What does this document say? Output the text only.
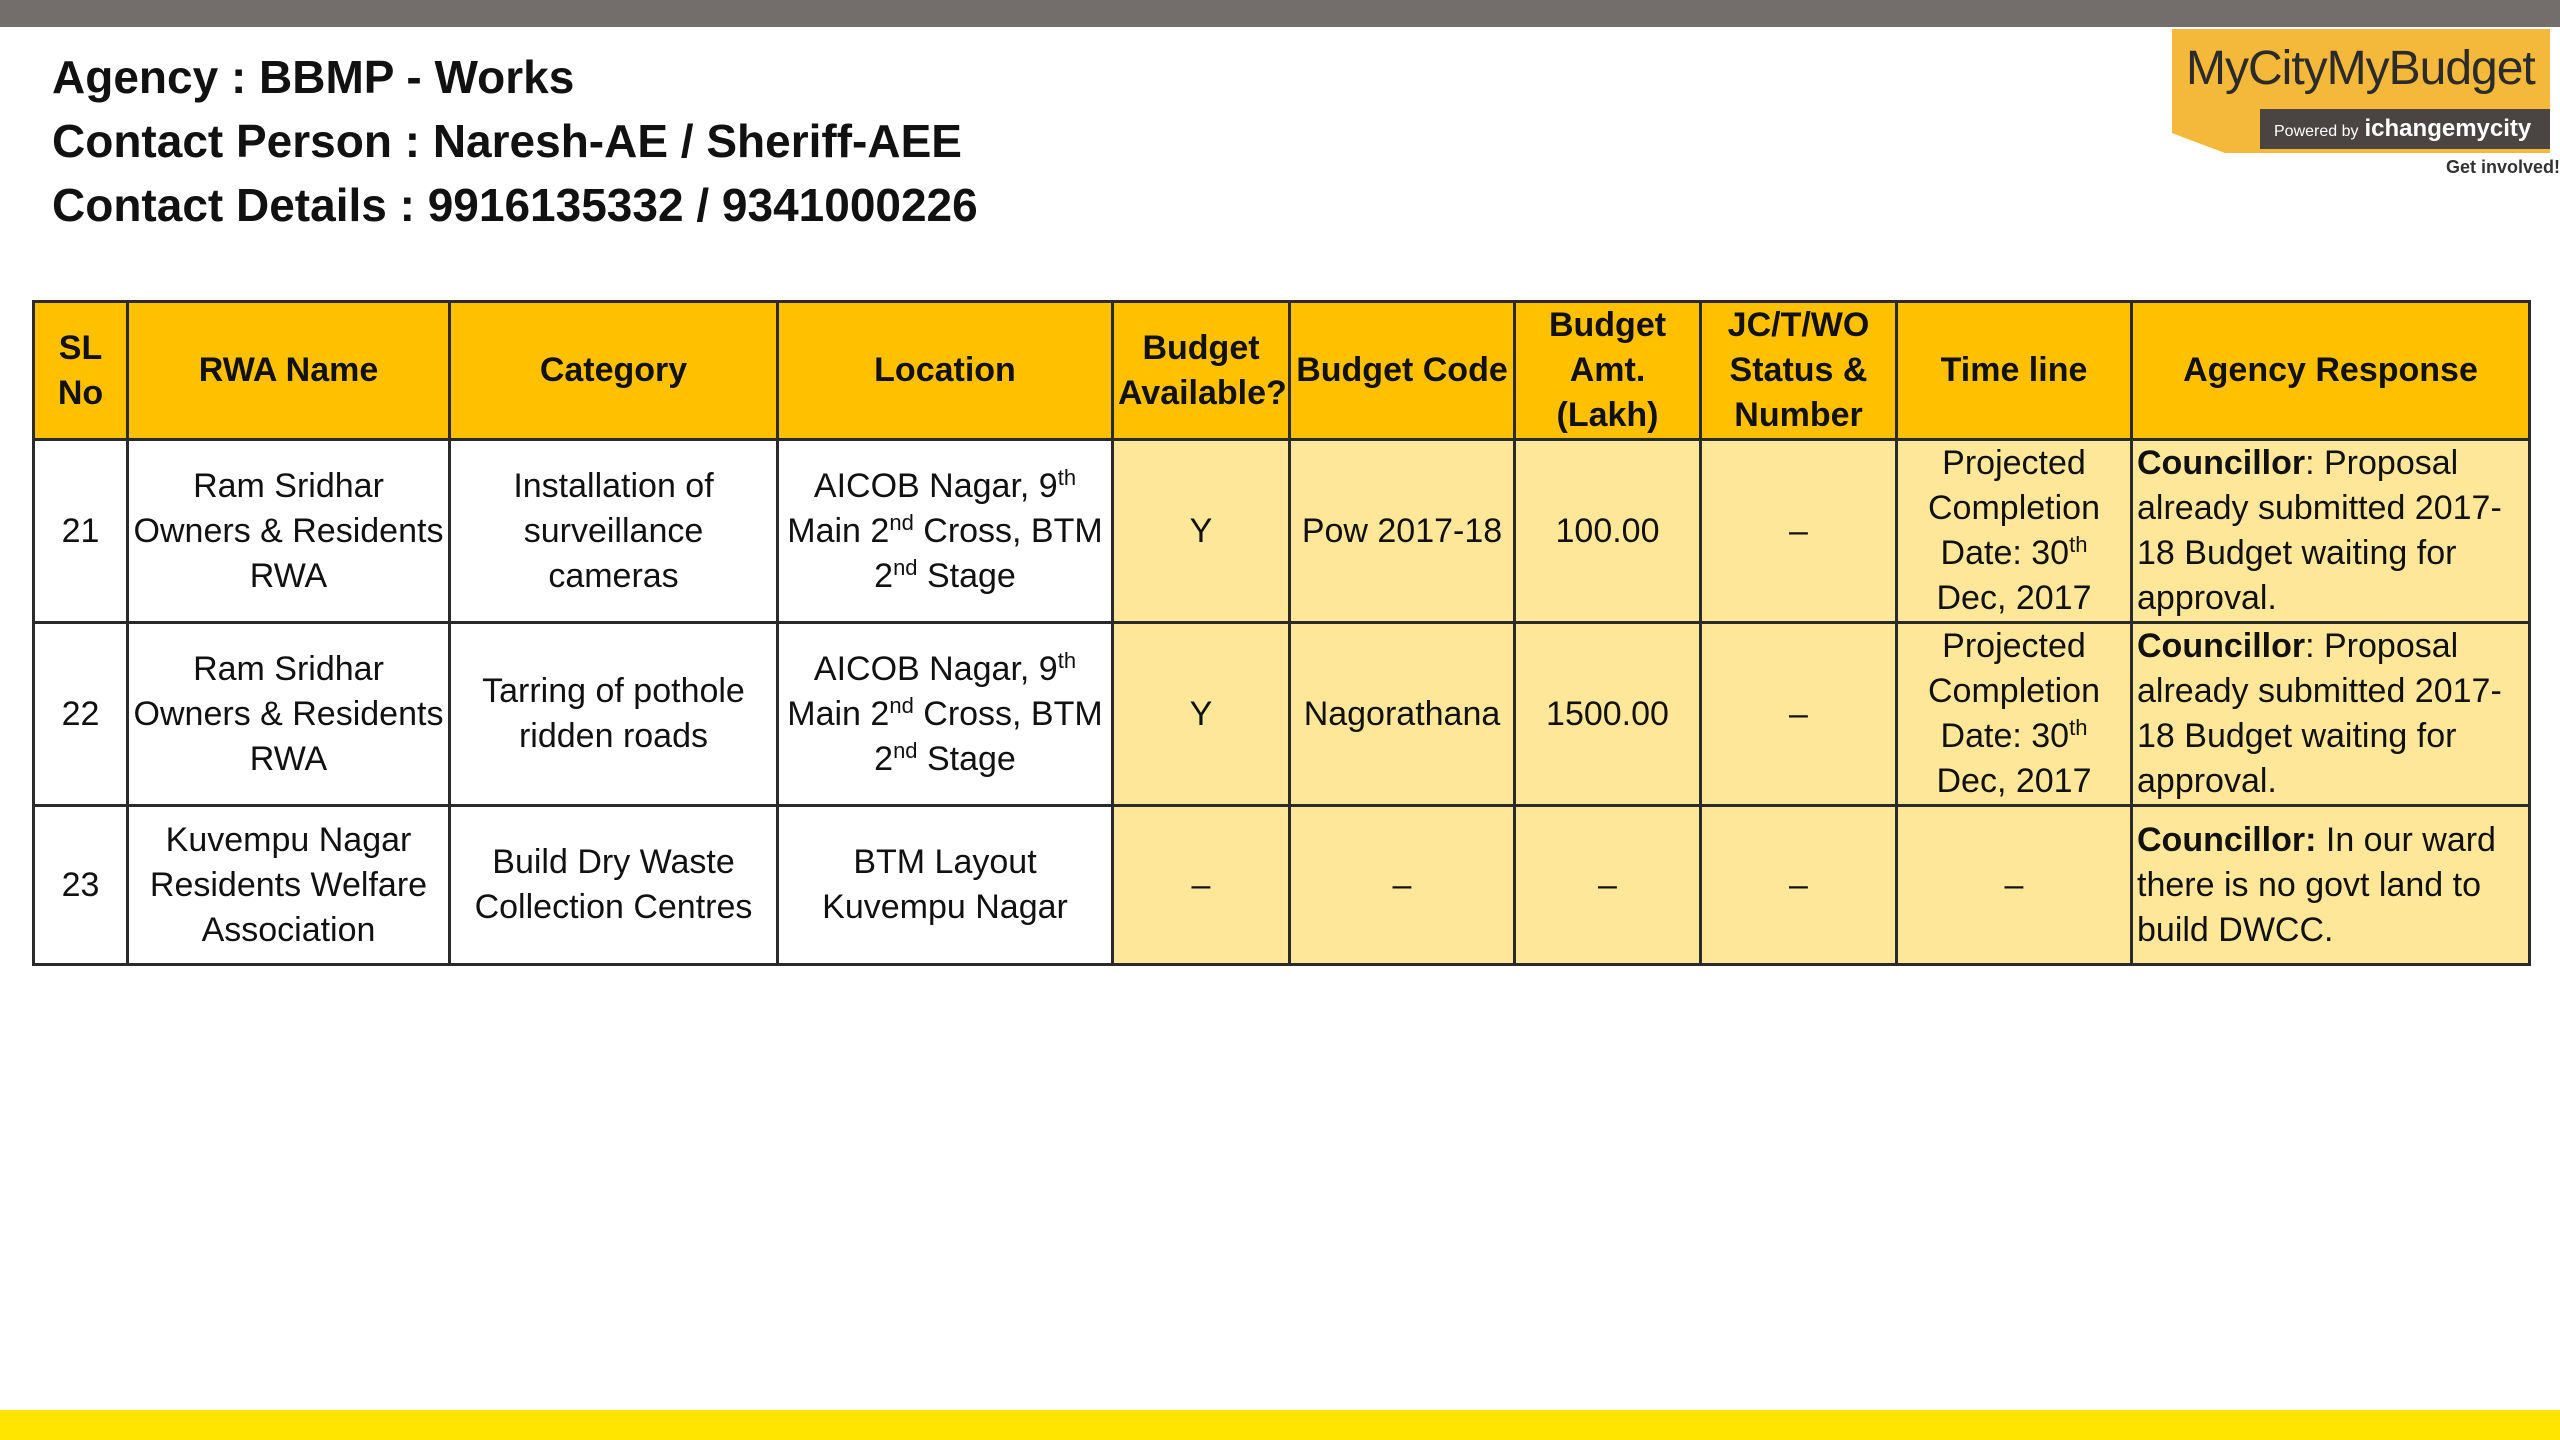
Agency : BBMP - Works
Contact Person : Naresh-AE / Sheriff-AEE
Contact Details : 9916135332 / 9341000226
MyCityMyBudget
Powered by ichangemycity
Get involved!
SL No	RWA Name	Category	Location	Budget Available?	Budget Code	Budget Amt. (Lakh)	JC/T/WO Status & Number	Time line	Agency Response
21	Ram Sridhar Owners & Residents RWA	Installation of surveillance cameras	AICOB Nagar, 9th Main 2nd Cross, BTM 2nd Stage	Y	Pow 2017-18	100.00	–	Projected Completion Date: 30th Dec, 2017	Councillor: Proposal already submitted 2017-18 Budget waiting for approval.
22	Ram Sridhar Owners & Residents RWA	Tarring of pothole ridden roads	AICOB Nagar, 9th Main 2nd Cross, BTM 2nd Stage	Y	Nagorathana	1500.00	–	Projected Completion Date: 30th Dec, 2017	Councillor: Proposal already submitted 2017-18 Budget waiting for approval.
23	Kuvempu Nagar Residents Welfare Association	Build Dry Waste Collection Centres	BTM Layout Kuvempu Nagar	–	–	–	–	–	Councillor: In our ward there is no govt land to build DWCC.
